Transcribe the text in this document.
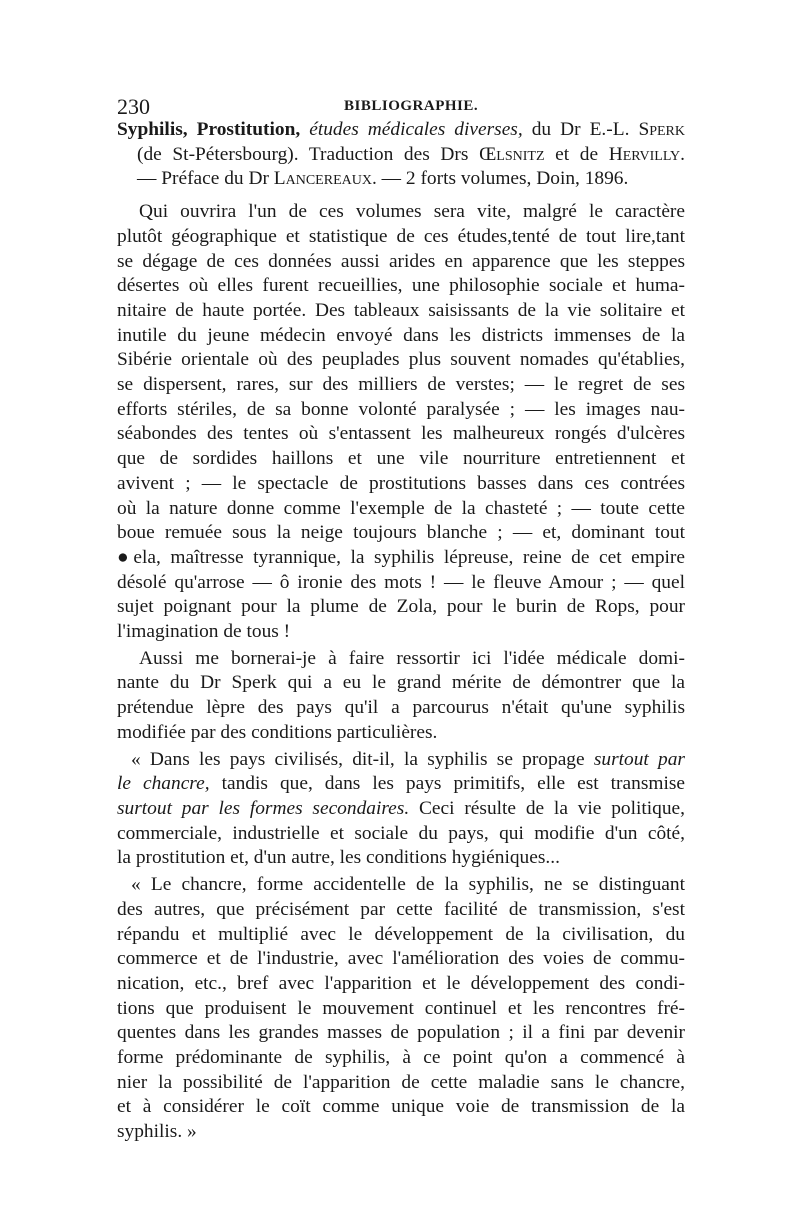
230	BIBLIOGRAPHIE.
Syphilis, Prostitution, études médicales diverses, du Dr E.-L. Sperk
(de St-Pétersbourg). Traduction des Drs Œlsnitz et de Hervilly.
— Préface du Dr Lancereaux. — 2 forts volumes, Doin, 1896.
Qui ouvrira l'un de ces volumes sera vite, malgré le caractère
plutôt géographique et statistique de ces études,tenté de tout lire,tant
se dégage de ces données aussi arides en apparence que les steppes
désertes où elles furent recueillies, une philosophie sociale et huma-
nitaire de haute portée. Des tableaux saisissants de la vie solitaire et
inutile du jeune médecin envoyé dans les districts immenses de la
Sibérie orientale où des peuplades plus souvent nomades qu'établies,
se dispersent, rares, sur des milliers de verstes; — le regret de ses
efforts stériles, de sa bonne volonté paralysée ; — les images nau-
séabondes des tentes où s'entassent les malheureux rongés d'ulcères
que de sordides haillons et une vile nourriture entretiennent et
avivent ; — le spectacle de prostitutions basses dans ces contrées
où la nature donne comme l'exemple de la chasteté ; — toute cette
boue remuée sous la neige toujours blanche ; — et, dominant tout
●ela, maîtresse tyrannique, la syphilis lépreuse, reine de cet empire
désolé qu'arrose — ô ironie des mots ! — le fleuve Amour ; — quel
sujet poignant pour la plume de Zola, pour le burin de Rops, pour
l'imagination de tous !
Aussi me bornerai-je à faire ressortir ici l'idée médicale domi-
nante du Dr Sperk qui a eu le grand mérite de démontrer que la
prétendue lèpre des pays qu'il a parcourus n'était qu'une syphilis
modifiée par des conditions particulières.
« Dans les pays civilisés, dit-il, la syphilis se propage surtout par
le chancre, tandis que, dans les pays primitifs, elle est transmise
surtout par les formes secondaires. Ceci résulte de la vie politique,
commerciale, industrielle et sociale du pays, qui modifie d'un côté,
la prostitution et, d'un autre, les conditions hygiéniques...
« Le chancre, forme accidentelle de la syphilis, ne se distinguant
des autres, que précisément par cette facilité de transmission, s'est
répandu et multiplié avec le développement de la civilisation, du
commerce et de l'industrie, avec l'amélioration des voies de commu-
nication, etc., bref avec l'apparition et le développement des condi-
tions que produisent le mouvement continuel et les rencontres fré-
quentes dans les grandes masses de population ; il a fini par devenir
forme prédominante de syphilis, à ce point qu'on a commencé à
nier la possibilité de l'apparition de cette maladie sans le chancre,
et à considérer le coït comme unique voie de transmission de la
syphilis. »
